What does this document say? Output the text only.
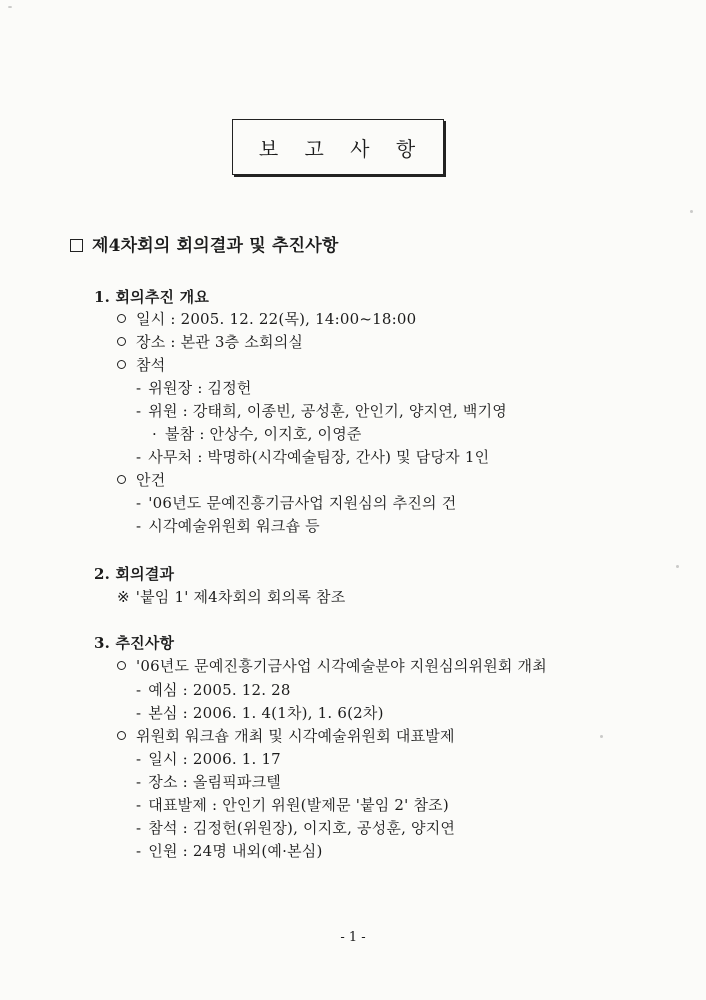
보 고 사 항
제4차회의 회의결과 및 추진사항
1. 회의추진 개요
일시 : 2005. 12. 22(목), 14:00~18:00
장소 : 본관 3층 소회의실
참석
- 위원장 : 김정헌
- 위원 : 강태희, 이종빈, 공성훈, 안인기, 양지연, 백기영
· 불참 : 안상수, 이지호, 이영준
- 사무처 : 박명하(시각예술팀장, 간사) 및 담당자 1인
안건
- '06년도 문예진흥기금사업 지원심의 추진의 건
- 시각예술위원회 워크숍 등
2. 회의결과
※ '붙임 1' 제4차회의 회의록 참조
3. 추진사항
'06년도 문예진흥기금사업 시각예술분야 지원심의위원회 개최
- 예심 : 2005. 12. 28
- 본심 : 2006. 1. 4(1차), 1. 6(2차)
위원회 워크숍 개최 및 시각예술위원회 대표발제
- 일시 : 2006. 1. 17
- 장소 : 올림픽파크텔
- 대표발제 : 안인기 위원(발제문 '붙임 2' 참조)
- 참석 : 김정헌(위원장), 이지호, 공성훈, 양지연
- 인원 : 24명 내외(예·본심)
- 1 -
